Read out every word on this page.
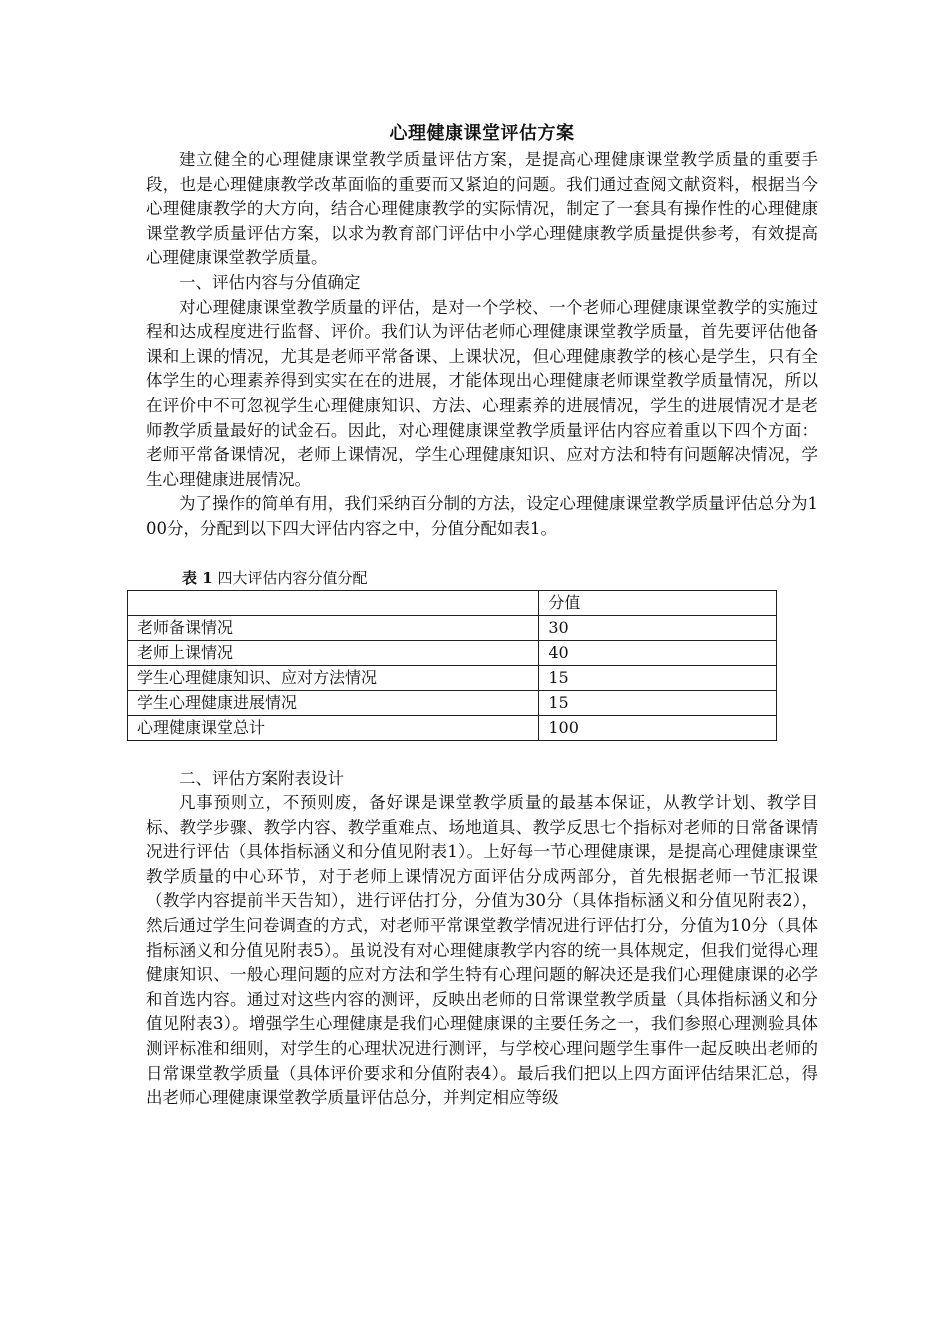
心理健康课堂评估方案

建立健全的心理健康课堂教学质量评估方案，是提高心理健康课堂教学质量的重要手段，也是心理健康教学改革面临的重要而又紧迫的问题。我们通过查阅文献资料，根据当今心理健康教学的大方向，结合心理健康教学的实际情况，制定了一套具有操作性的心理健康课堂教学质量评估方案，以求为教育部门评估中小学心理健康教学质量提供参考，有效提高心理健康课堂教学质量。

一、评估内容与分值确定

对心理健康课堂教学质量的评估，是对一个学校、一个老师心理健康课堂教学的实施过程和达成程度进行监督、评价。我们认为评估老师心理健康课堂教学质量，首先要评估他备课和上课的情况，尤其是老师平常备课、上课状况，但心理健康教学的核心是学生，只有全体学生的心理素养得到实实在在的进展，才能体现出心理健康老师课堂教学质量情况，所以在评价中不可忽视学生心理健康知识、方法、心理素养的进展情况，学生的进展情况才是老师教学质量最好的试金石。因此，对心理健康课堂教学质量评估内容应着重以下四个方面：老师平常备课情况，老师上课情况，学生心理健康知识、应对方法和特有问题解决情况，学生心理健康进展情况。

为了操作的简单有用，我们采纳百分制的方法，设定心理健康课堂教学质量评估总分为100分，分配到以下四大评估内容之中，分值分配如表1。

表 1 四大评估内容分值分配

	分值
老师备课情况	30
老师上课情况	40
学生心理健康知识、应对方法情况	15
学生心理健康进展情况	15
心理健康课堂总计	100

二、评估方案附表设计

凡事预则立，不预则废，备好课是课堂教学质量的最基本保证，从教学计划、教学目标、教学步骤、教学内容、教学重难点、场地道具、教学反思七个指标对老师的日常备课情况进行评估（具体指标涵义和分值见附表1）。上好每一节心理健康课，是提高心理健康课堂教学质量的中心环节，对于老师上课情况方面评估分成两部分，首先根据老师一节汇报课（教学内容提前半天告知），进行评估打分，分值为30分（具体指标涵义和分值见附表2），然后通过学生问卷调查的方式，对老师平常课堂教学情况进行评估打分，分值为10分（具体指标涵义和分值见附表5）。虽说没有对心理健康教学内容的统一具体规定，但我们觉得心理健康知识、一般心理问题的应对方法和学生特有心理问题的解决还是我们心理健康课的必学和首选内容。通过对这些内容的测评，反映出老师的日常课堂教学质量（具体指标涵义和分值见附表3）。增强学生心理健康是我们心理健康课的主要任务之一，我们参照心理测验具体测评标准和细则，对学生的心理状况进行测评，与学校心理问题学生事件一起反映出老师的日常课堂教学质量（具体评价要求和分值附表4）。最后我们把以上四方面评估结果汇总，得出老师心理健康课堂教学质量评估总分，并判定相应等级
